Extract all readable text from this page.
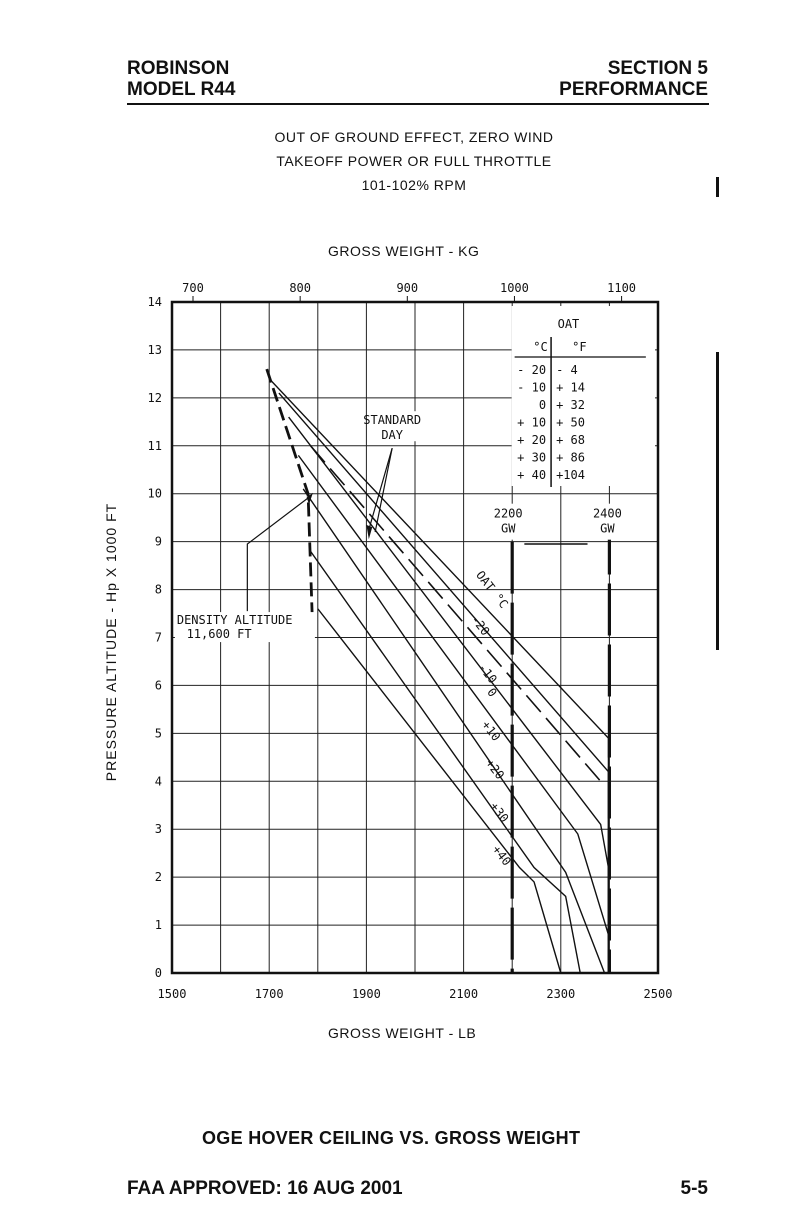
ROBINSON
MODEL R44
SECTION 5
PERFORMANCE
OUT OF GROUND EFFECT, ZERO WIND
TAKEOFF POWER OR FULL THROTTLE
101-102% RPM
GROSS WEIGHT - KG
GROSS WEIGHT - LB
PRESSURE ALTITUDE - Hp X 1000 FT
1500	1700	1900	2100	2300	2500
700	800	900	1000	1100
0
1
2
3
4
5
6
7
8
9
10
11
12
13
14
OAT
°C °F
- 20 - 4
- 10 + 14
0 + 32
+ 10 + 50
+ 20 + 68
+ 30 + 86
+ 40 +104
2200
GW
2400
GW
STANDARD
DAY
DENSITY ALTITUDE
11,600 FT
OAT °C
-20
-10
0
+10
+20
+30
+40
OGE HOVER CEILING VS. GROSS WEIGHT
FAA APPROVED: 16 AUG 2001	5-5
